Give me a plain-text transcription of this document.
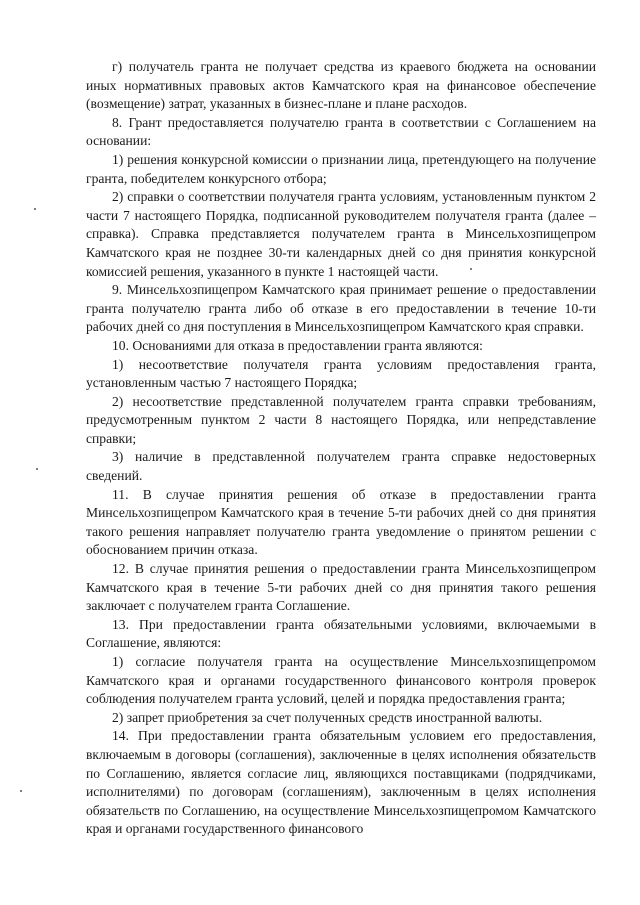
г) получатель гранта не получает средства из краевого бюджета на основании иных нормативных правовых актов Камчатского края на финансовое обеспечение (возмещение) затрат, указанных в бизнес-плане и плане расходов.

8. Грант предоставляется получателю гранта в соответствии с Соглашением на основании:

1) решения конкурсной комиссии о признании лица, претендующего на получение гранта, победителем конкурсного отбора;

2) справки о соответствии получателя гранта условиям, установленным пунктом 2 части 7 настоящего Порядка, подписанной руководителем получателя гранта (далее – справка). Справка представляется получателем гранта в Минсельхозпищепром Камчатского края не позднее 30-ти календарных дней со дня принятия конкурсной комиссией решения, указанного в пункте 1 настоящей части.

9. Минсельхозпищепром Камчатского края принимает решение о предоставлении гранта получателю гранта либо об отказе в его предоставлении в течение 10-ти рабочих дней со дня поступления в Минсельхозпищепром Камчатского края справки.

10. Основаниями для отказа в предоставлении гранта являются:

1) несоответствие получателя гранта условиям предоставления гранта, установленным частью 7 настоящего Порядка;

2) несоответствие представленной получателем гранта справки требованиям, предусмотренным пунктом 2 части 8 настоящего Порядка, или непредставление справки;

3) наличие в представленной получателем гранта справке недостоверных сведений.

11. В случае принятия решения об отказе в предоставлении гранта Минсельхозпищепром Камчатского края в течение 5-ти рабочих дней со дня принятия такого решения направляет получателю гранта уведомление о принятом решении с обоснованием причин отказа.

12. В случае принятия решения о предоставлении гранта Минсельхозпищепром Камчатского края в течение 5-ти рабочих дней со дня принятия такого решения заключает с получателем гранта Соглашение.

13. При предоставлении гранта обязательными условиями, включаемыми в Соглашение, являются:

1) согласие получателя гранта на осуществление Минсельхозпищепромом Камчатского края и органами государственного финансового контроля проверок соблюдения получателем гранта условий, целей и порядка предоставления гранта;

2) запрет приобретения за счет полученных средств иностранной валюты.

14. При предоставлении гранта обязательным условием его предоставления, включаемым в договоры (соглашения), заключенные в целях исполнения обязательств по Соглашению, является согласие лиц, являющихся поставщиками (подрядчиками, исполнителями) по договорам (соглашениям), заключенным в целях исполнения обязательств по Соглашению, на осуществление Минсельхозпищепромом Камчатского края и органами государственного финансового
